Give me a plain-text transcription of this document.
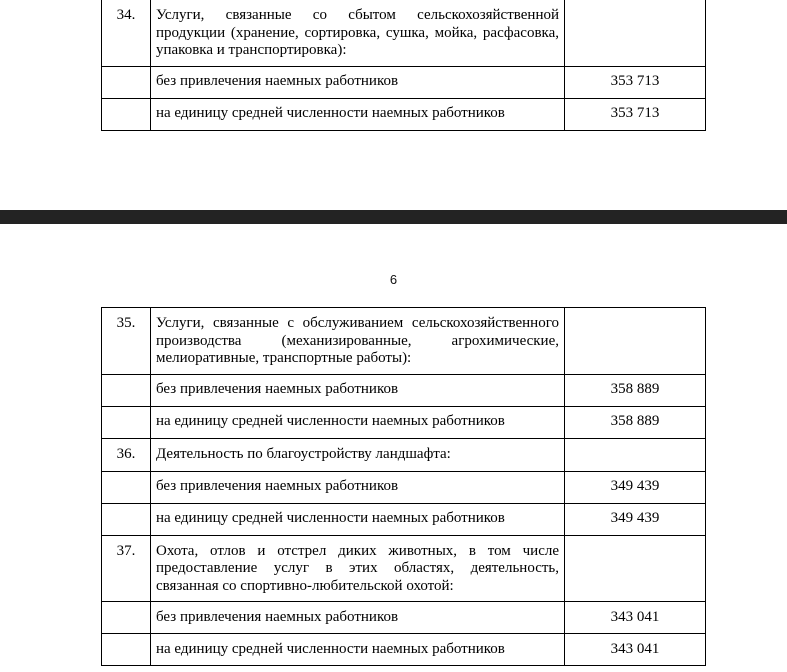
34.	Услуги, связанные со сбытом сельскохозяйственной продукции (хранение, сортировка, сушка, мойка, расфасовка, упаковка и транспортировка):	
	без привлечения наемных работников	353 713
	на единицу средней численности наемных работников	353 713
6
35.	Услуги, связанные с обслуживанием сельскохозяйственного производства (механизированные, агрохимические, мелиоративные, транспортные работы):	
	без привлечения наемных работников	358 889
	на единицу средней численности наемных работников	358 889
36.	Деятельность по благоустройству ландшафта:	
	без привлечения наемных работников	349 439
	на единицу средней численности наемных работников	349 439
37.	Охота, отлов и отстрел диких животных, в том числе предоставление услуг в этих областях, деятельность, связанная со спортивно-любительской охотой:	
	без привлечения наемных работников	343 041
	на единицу средней численности наемных работников	343 041
